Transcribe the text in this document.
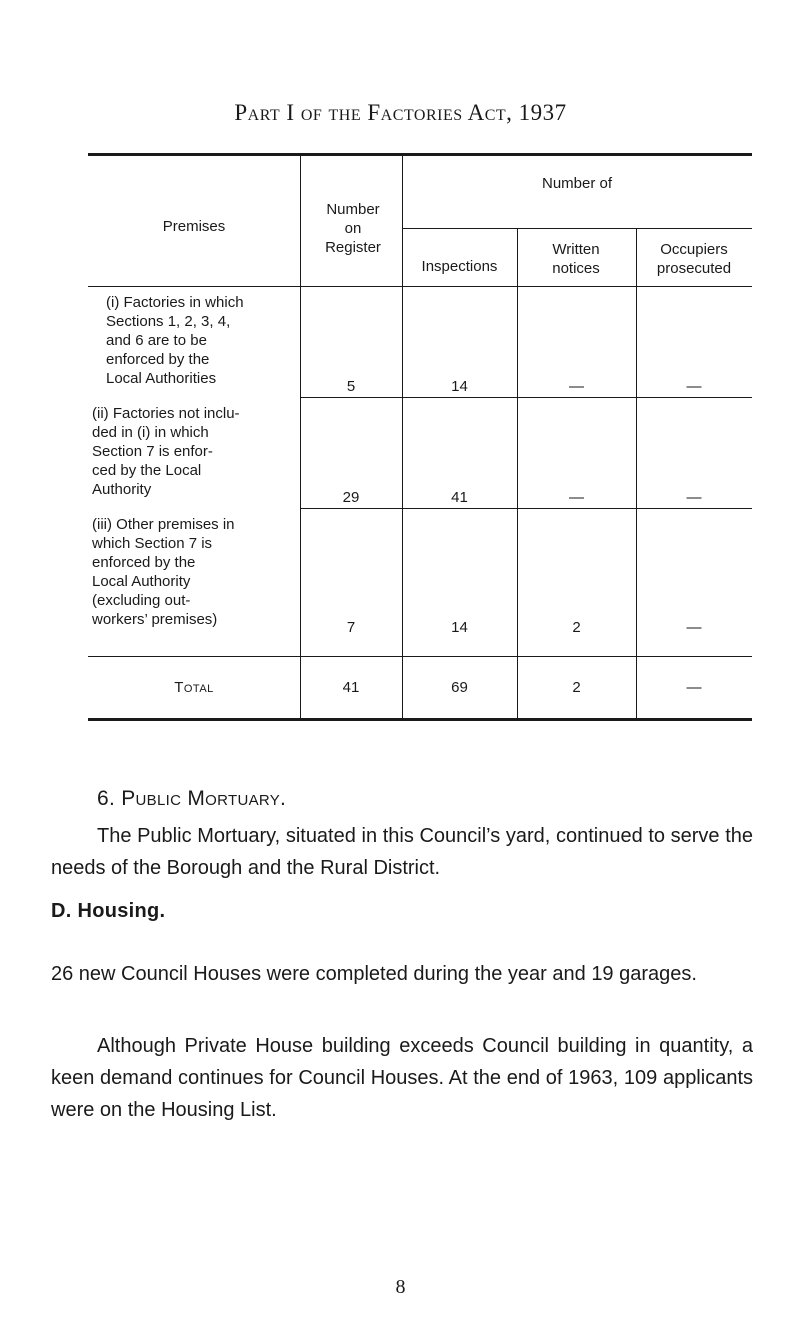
Part I of the Factories Act, 1937
Premises
Number on Register
Number of
Inspections
Written notices
Occupiers prosecuted
(i) Factories in which
Sections 1, 2, 3, 4,
and 6 are to be
enforced by the
Local Authorities	5	14	—	—
(ii) Factories not inclu-
ded in (i) in which
Section 7 is enfor-
ced by the Local
Authority	29	41	—	—
(iii) Other premises in
which Section 7 is
enforced by the
Local Authority
(excluding out-
workers’ premises)	7	14	2	—
Total	41	69	2	—
6. Public Mortuary.
The Public Mortuary, situated in this Council’s yard, continued to serve the needs of the Borough and the Rural District.
D. Housing.
26 new Council Houses were completed during the year and 19 garages.
Although Private House building exceeds Council building in quantity, a keen demand continues for Council Houses. At the end of 1963, 109 applicants were on the Housing List.
8
